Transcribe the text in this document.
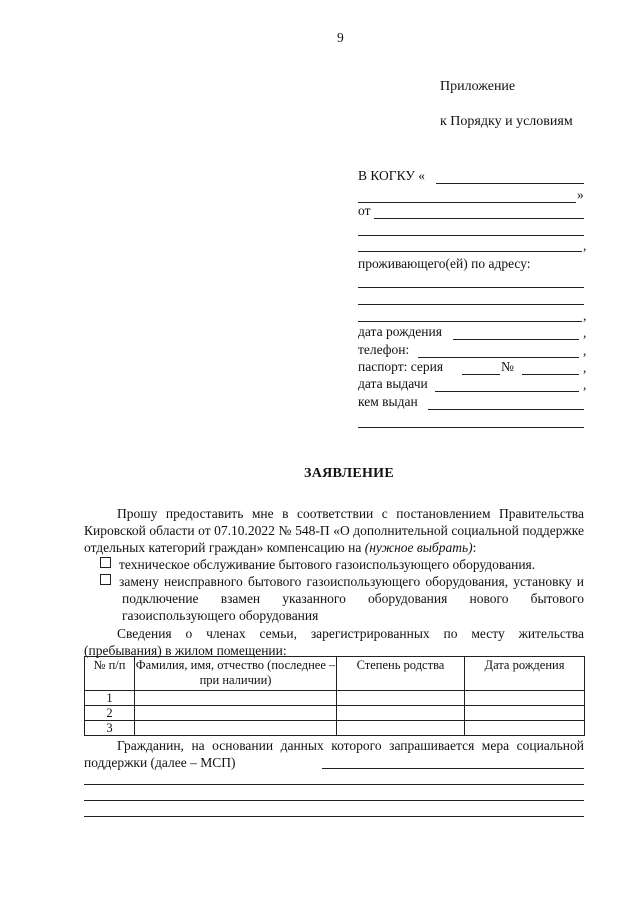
9
Приложение
к Порядку и условиям
В КОГКУ «
»
от
,
проживающего(ей) по адресу:
,
дата рождения	,
телефон:	,
паспорт: серия	№	,
дата выдачи	,
кем выдан
ЗАЯВЛЕНИЕ
Прошу предоставить мне в соответствии с постановлением Правительства Кировской области от 07.10.2022 № 548-П «О дополнительной социальной поддержке отдельных категорий граждан» компенсацию на (нужное выбрать):
техническое обслуживание бытового газоиспользующего оборудования.
замену неисправного бытового газоиспользующего оборудования, установку и подключение взамен указанного оборудования нового бытового газоиспользующего оборудования
Сведения о членах семьи, зарегистрированных по месту жительства (пребывания) в жилом помещении:
№ п/п	Фамилия, имя, отчество (последнее – при наличии)	Степень родства	Дата рождения
1			
2			
3			
Гражданин, на основании данных которого запрашивается мера социальной поддержки (далее – МСП)
